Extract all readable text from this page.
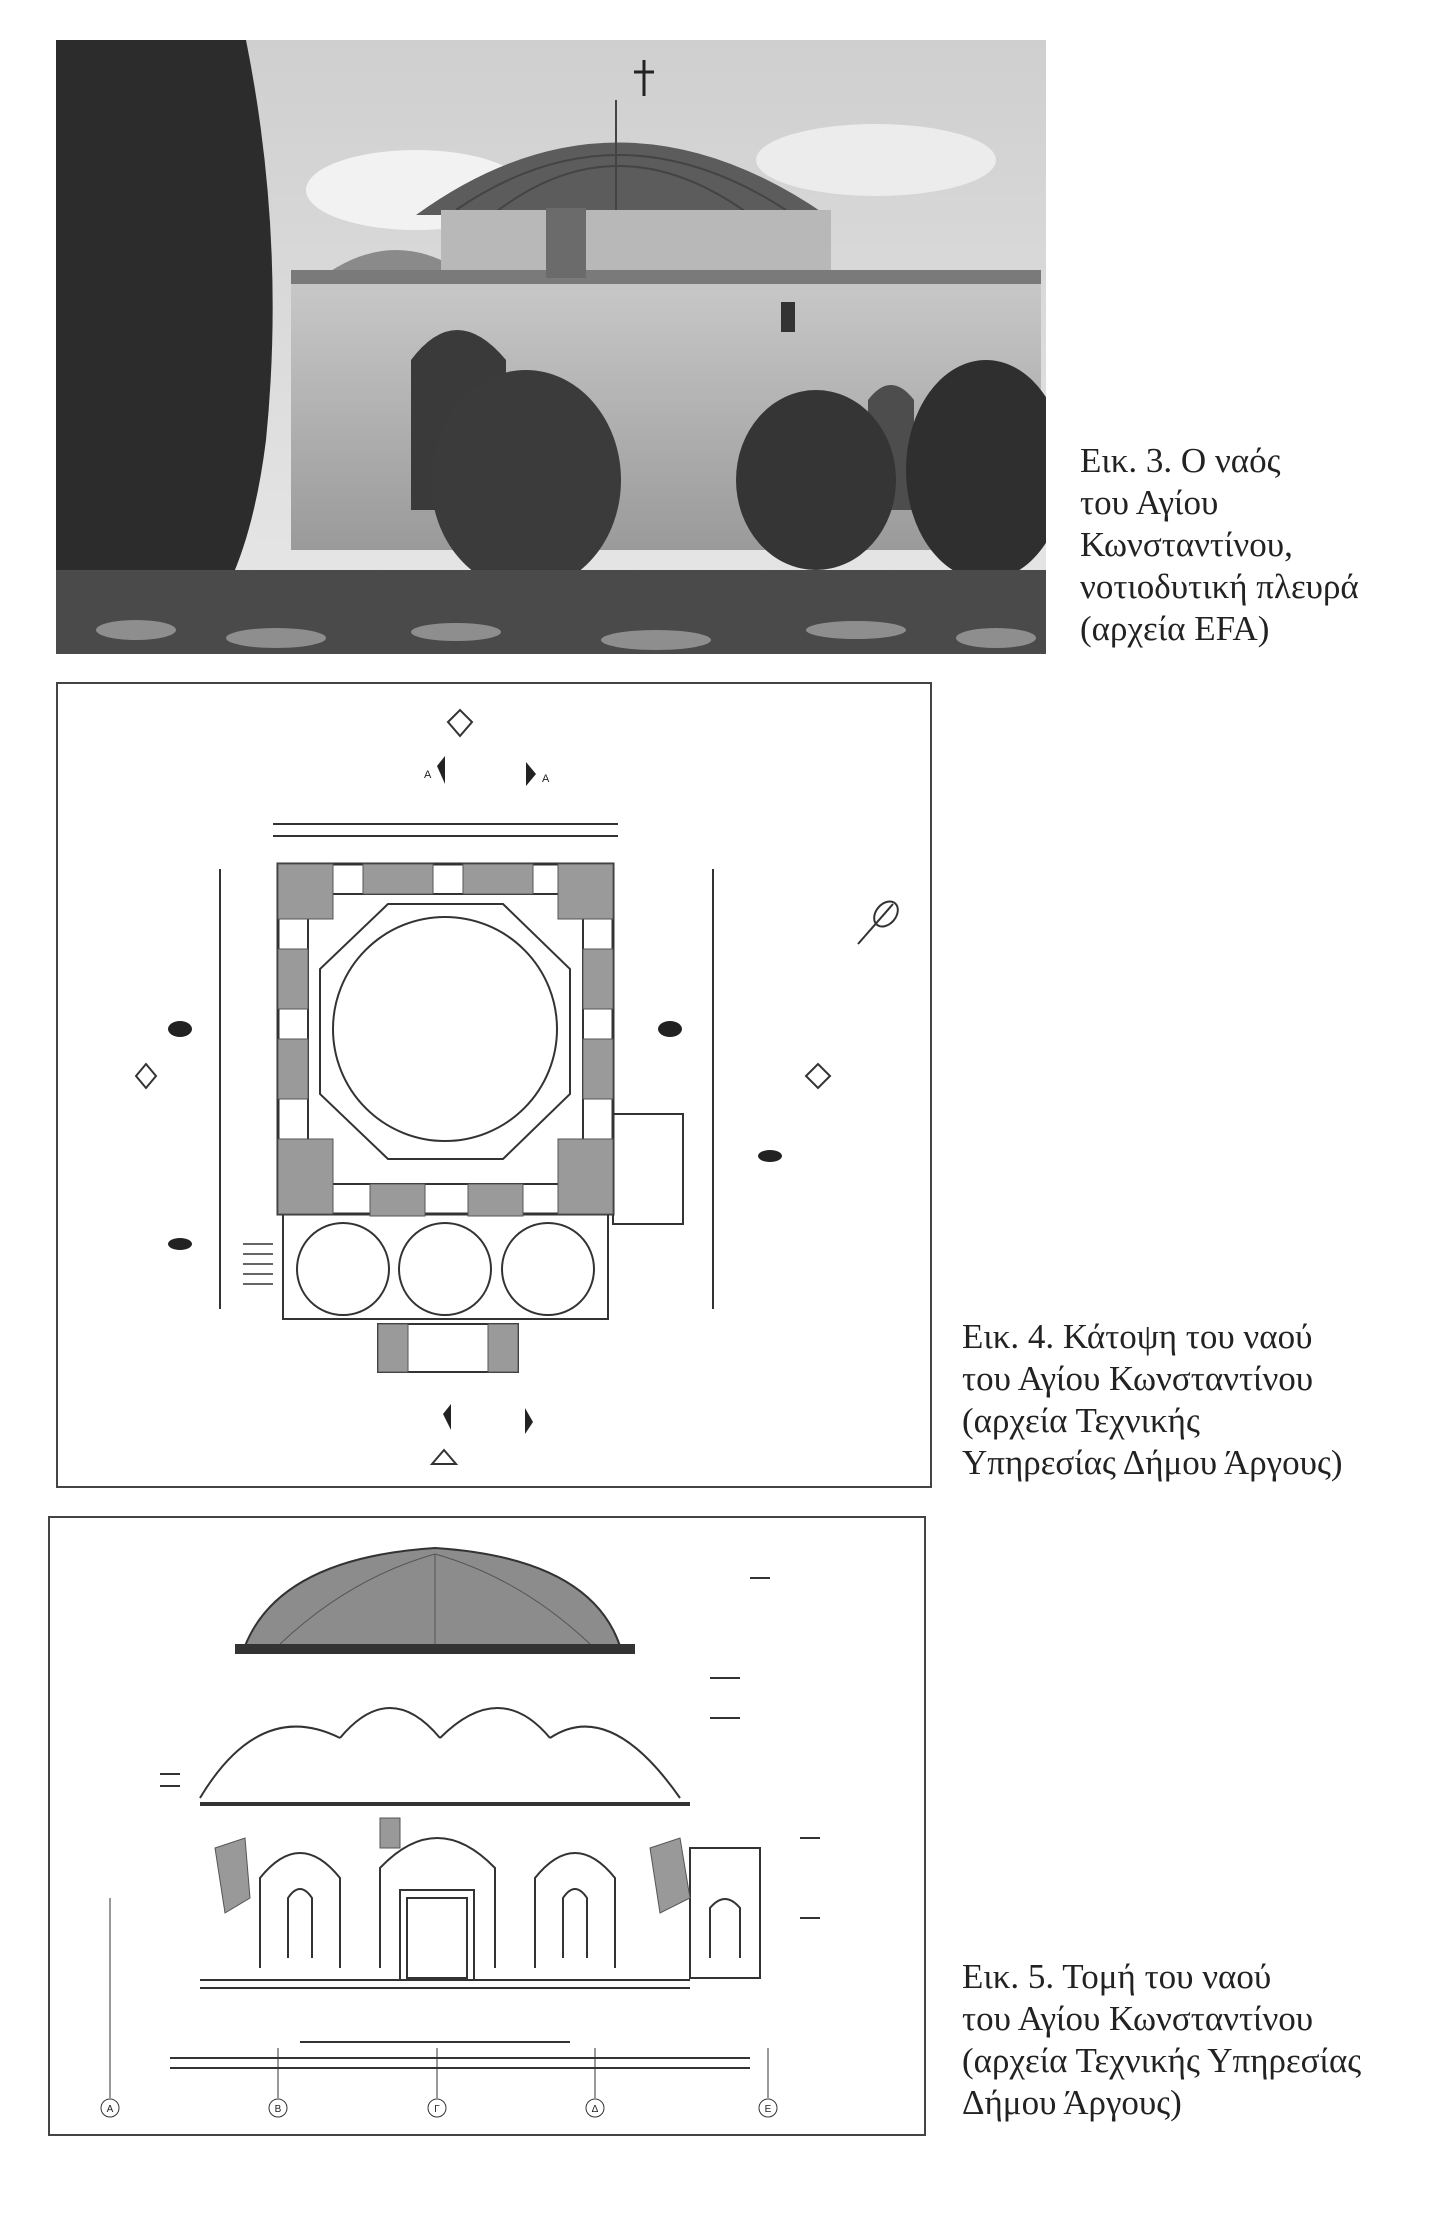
Εικ. 3. Ο ναός
του Αγίου
Κωνσταντίνου,
νοτιοδυτική πλευρά
(αρχεία ΕFA)
A	A
Εικ. 4. Κάτοψη του ναού
του Αγίου Κωνσταντίνου
(αρχεία Τεχνικής
Υπηρεσίας Δήμου Άργους)
A	B	Γ	Δ	E
Εικ. 5. Τομή του ναού
του Αγίου Κωνσταντίνου
(αρχεία Τεχνικής Υπηρεσίας
Δήμου Άργους)
